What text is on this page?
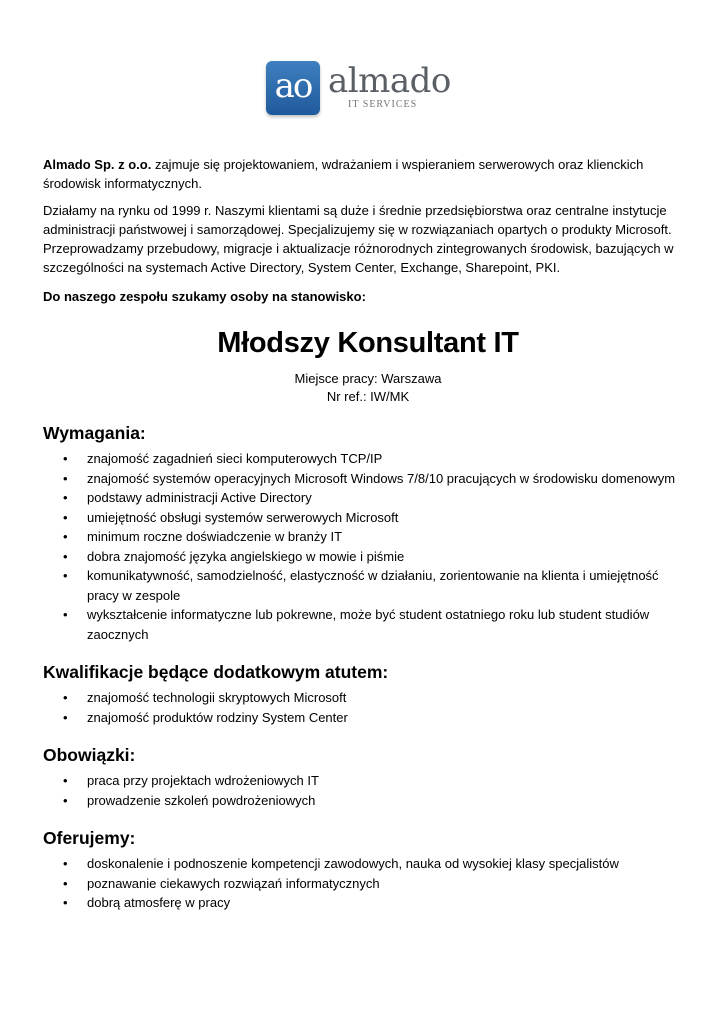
ao almado
IT SERVICES

Almado Sp. z o.o. zajmuje się projektowaniem, wdrażaniem i wspieraniem serwerowych oraz klienckich środowisk informatycznych.

Działamy na rynku od 1999 r. Naszymi klientami są duże i średnie przedsiębiorstwa oraz centralne instytucje administracji państwowej i samorządowej. Specjalizujemy się w rozwiązaniach opartych o produkty Microsoft. Przeprowadzamy przebudowy, migracje i aktualizacje różnorodnych zintegrowanych środowisk, bazujących w szczególności na systemach Active Directory, System Center, Exchange, Sharepoint, PKI.

Do naszego zespołu szukamy osoby na stanowisko:

Młodszy Konsultant IT
Miejsce pracy: Warszawa
Nr ref.: IW/MK
Wymagania:
• znajomość zagadnień sieci komputerowych TCP/IP
• znajomość systemów operacyjnych Microsoft Windows 7/8/10 pracujących w środowisku domenowym
• podstawy administracji Active Directory
• umiejętność obsługi systemów serwerowych Microsoft
• minimum roczne doświadczenie w branży IT
• dobra znajomość języka angielskiego w mowie i piśmie
• komunikatywność, samodzielność, elastyczność w działaniu, zorientowanie na klienta i umiejętność pracy w zespole
• wykształcenie informatyczne lub pokrewne, może być student ostatniego roku lub student studiów zaocznych
Kwalifikacje będące dodatkowym atutem:
• znajomość technologii skryptowych Microsoft
• znajomość produktów rodziny System Center
Obowiązki:
• praca przy projektach wdrożeniowych IT
• prowadzenie szkoleń powdrożeniowych
Oferujemy:
• doskonalenie i podnoszenie kompetencji zawodowych, nauka od wysokiej klasy specjalistów
• poznawanie ciekawych rozwiązań informatycznych
• dobrą atmosferę w pracy
